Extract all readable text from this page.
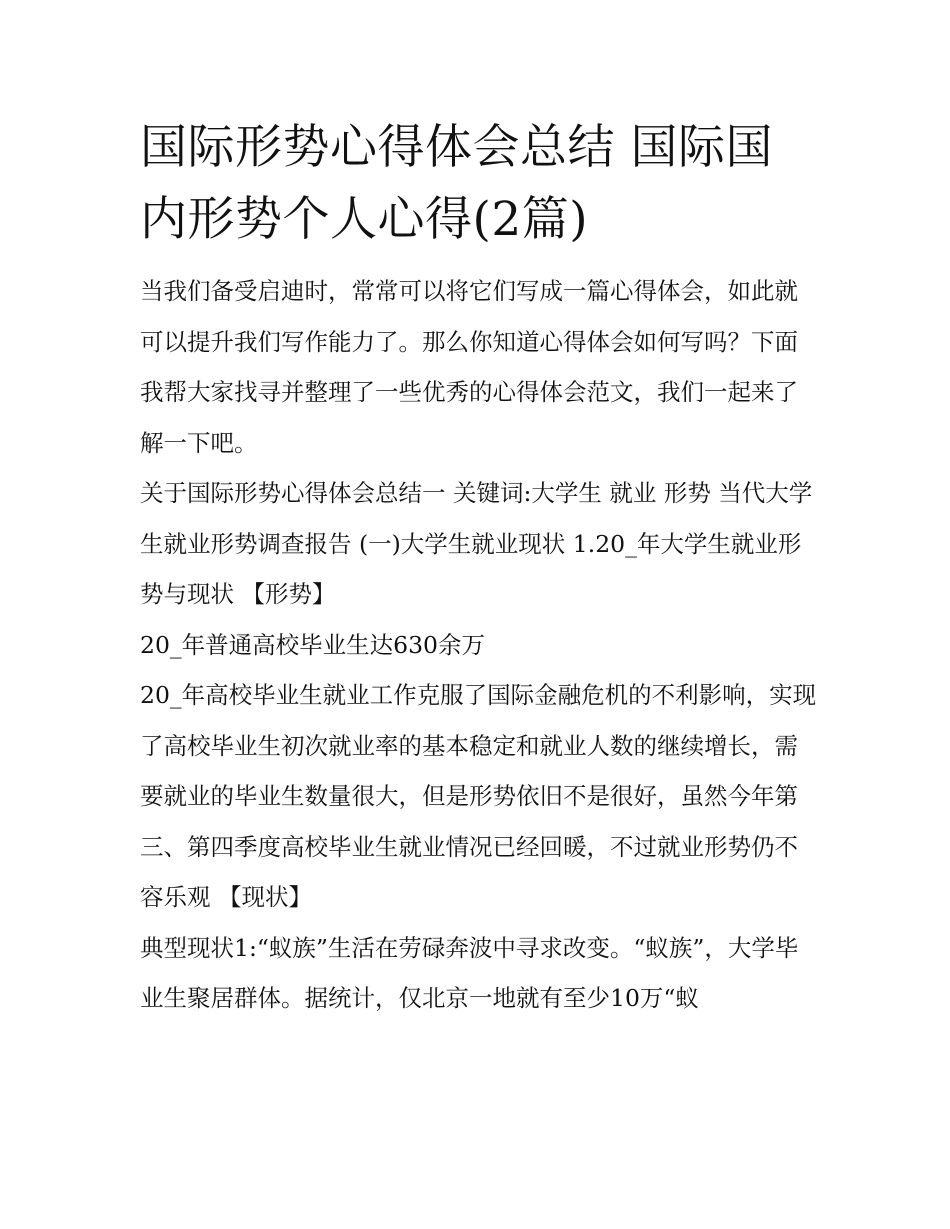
国际形势心得体会总结 国际国内形势个人心得(2篇)

当我们备受启迪时，常常可以将它们写成一篇心得体会，如此就可以提升我们写作能力了。那么你知道心得体会如何写吗？下面我帮大家找寻并整理了一些优秀的心得体会范文，我们一起来了解一下吧。

关于国际形势心得体会总结一 关键词:大学生 就业 形势 当代大学生就业形势调查报告 (一)大学生就业现状 1.20_年大学生就业形势与现状 【形势】

20_年普通高校毕业生达630余万

20_年高校毕业生就业工作克服了国际金融危机的不利影响，实现了高校毕业生初次就业率的基本稳定和就业人数的继续增长，需要就业的毕业生数量很大，但是形势依旧不是很好，虽然今年第

三、第四季度高校毕业生就业情况已经回暖，不过就业形势仍不容乐观 【现状】

典型现状1:“蚁族”生活在劳碌奔波中寻求改变。“蚁族”，大学毕业生聚居群体。据统计，仅北京一地就有至少10万“蚁
